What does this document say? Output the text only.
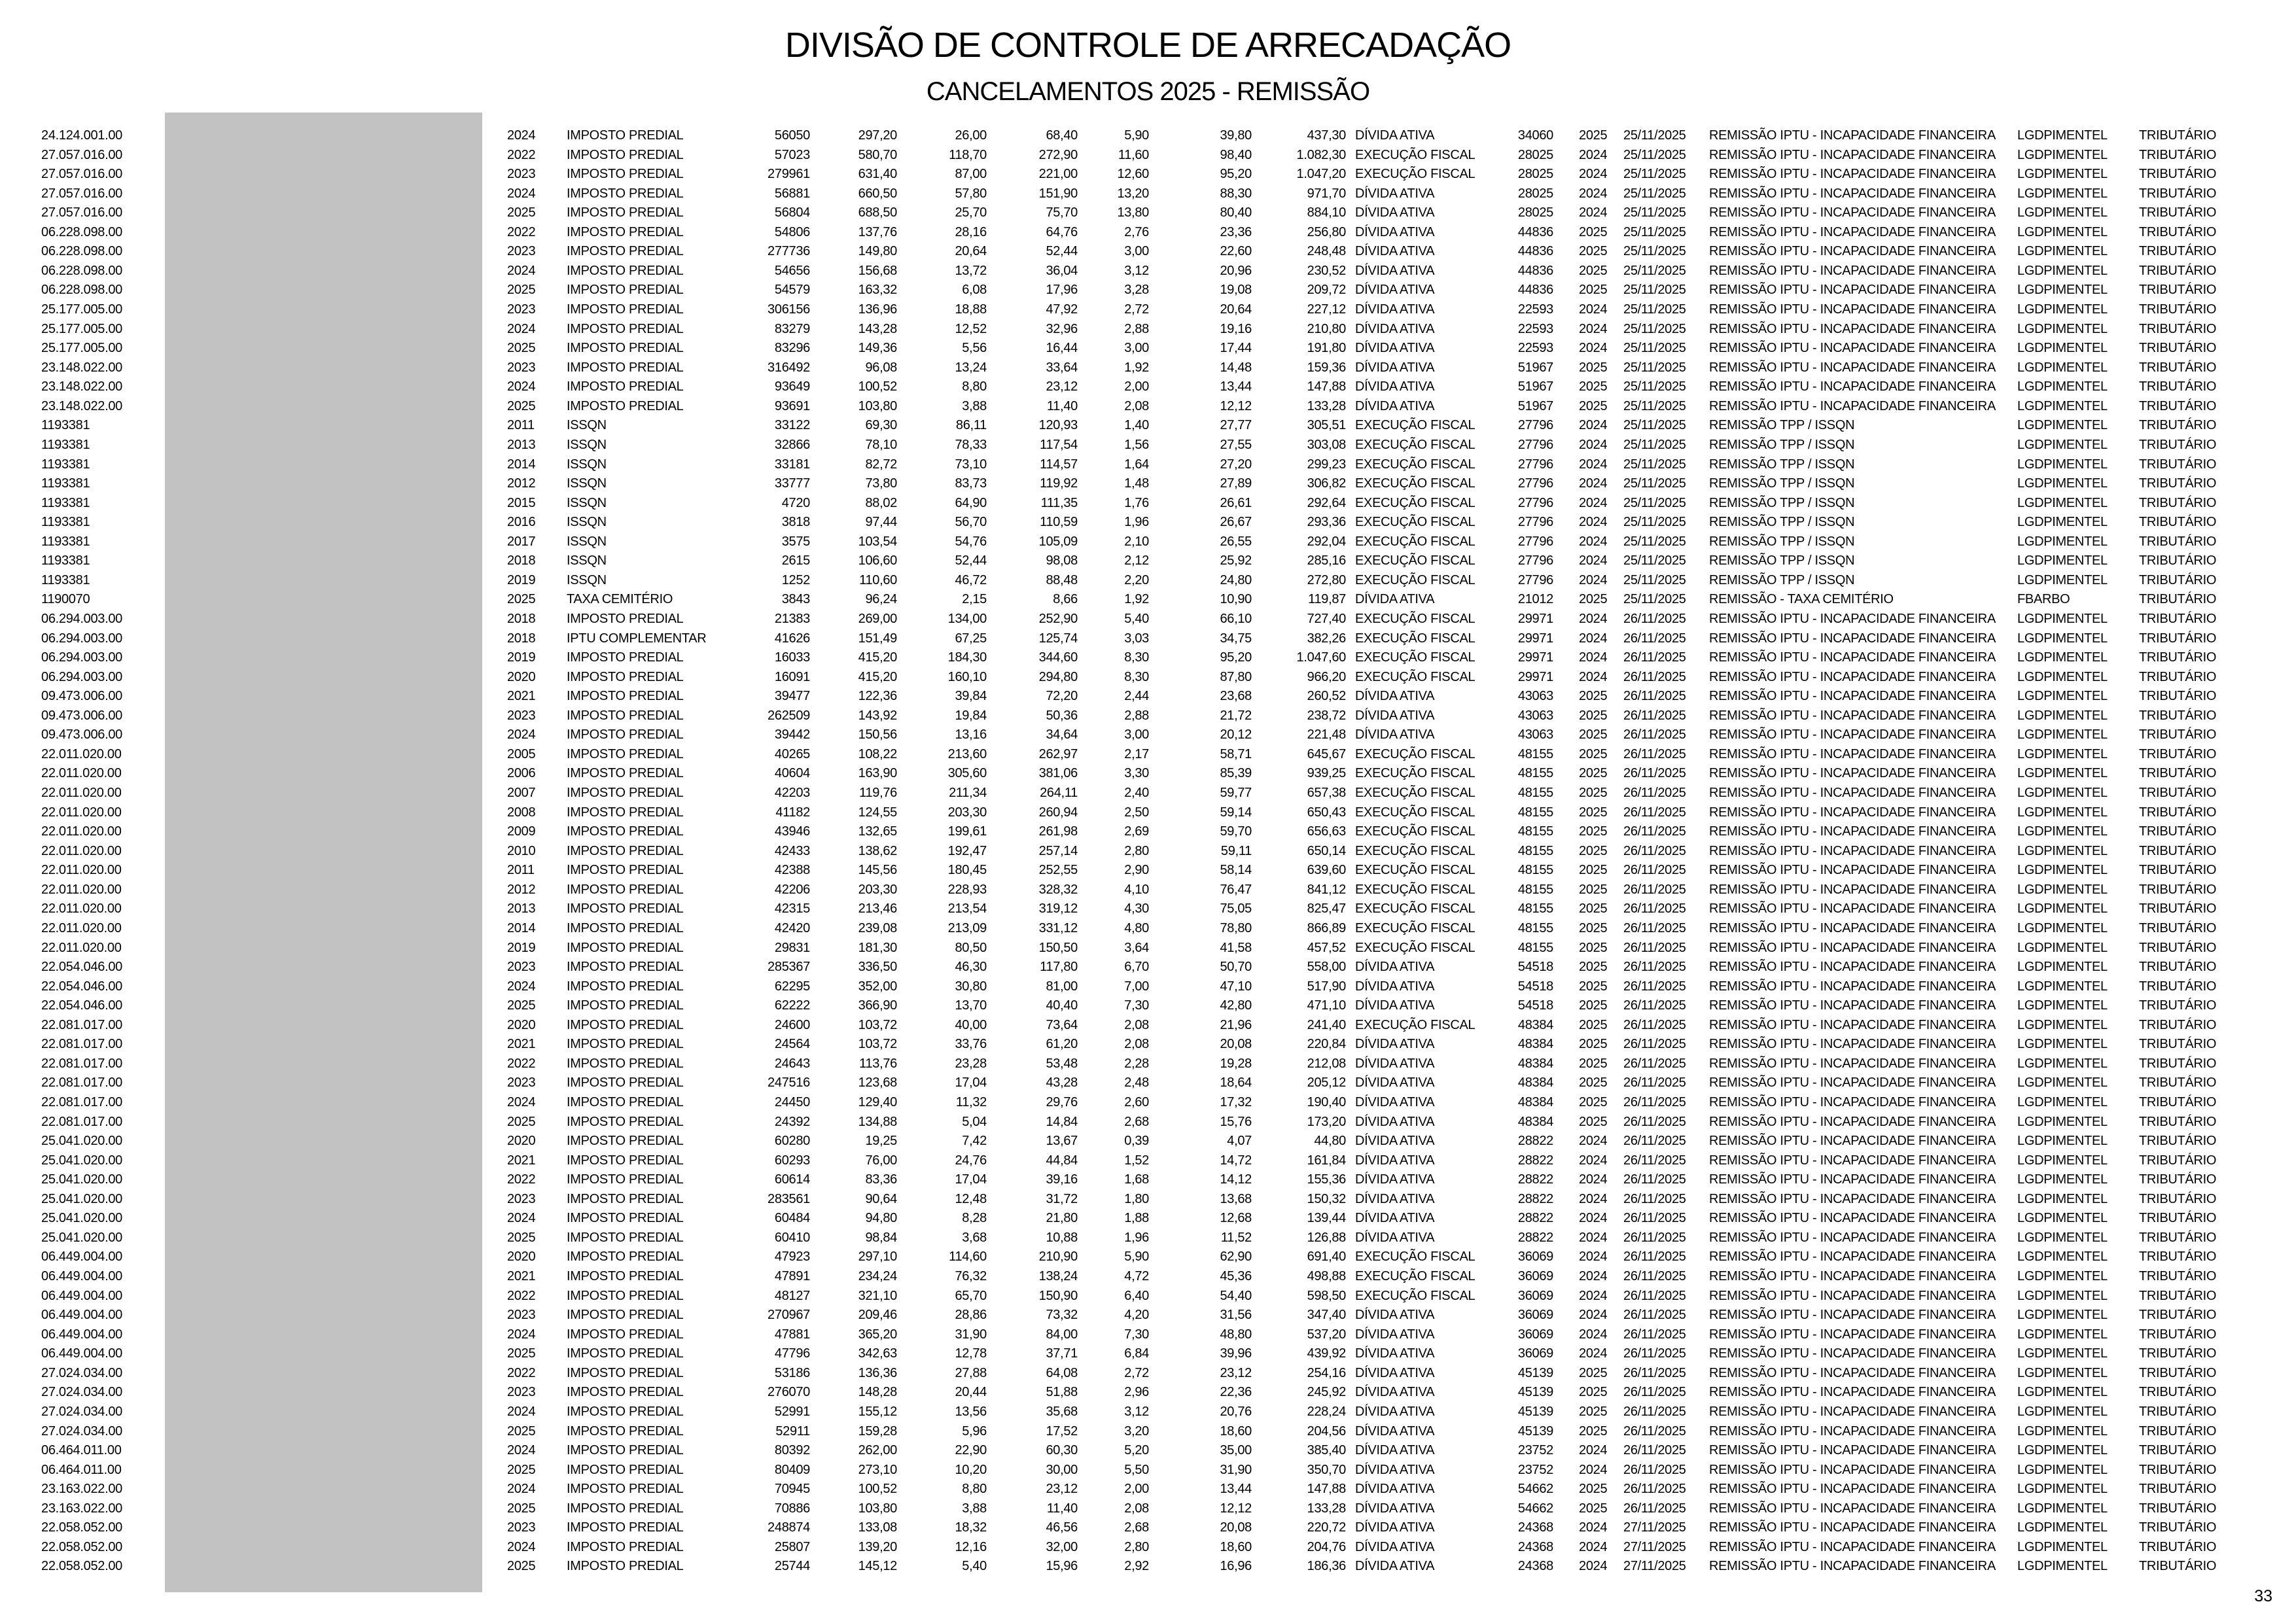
DIVISÃO DE CONTROLE DE ARRECADAÇÃO
CANCELAMENTOS 2025 - REMISSÃO
24.124.001.00	2024	IMPOSTO PREDIAL	56050	297,20	26,00	68,40	5,90	39,80	437,30 DÍVIDA ATIVA	34060 2025	25/11/2025	REMISSÃO IPTU - INCAPACIDADE FINANCEIRA	LGDPIMENTEL	TRIBUTÁRIO
27.057.016.00	2022	IMPOSTO PREDIAL	57023	580,70	118,70	272,90	11,60	98,40	1.082,30 EXECUÇÃO FISCAL	28025 2024	25/11/2025	REMISSÃO IPTU - INCAPACIDADE FINANCEIRA	LGDPIMENTEL	TRIBUTÁRIO
27.057.016.00	2023	IMPOSTO PREDIAL	279961	631,40	87,00	221,00	12,60	95,20	1.047,20 EXECUÇÃO FISCAL	28025 2024	25/11/2025	REMISSÃO IPTU - INCAPACIDADE FINANCEIRA	LGDPIMENTEL	TRIBUTÁRIO
27.057.016.00	2024	IMPOSTO PREDIAL	56881	660,50	57,80	151,90	13,20	88,30	971,70 DÍVIDA ATIVA	28025 2024	25/11/2025	REMISSÃO IPTU - INCAPACIDADE FINANCEIRA	LGDPIMENTEL	TRIBUTÁRIO
27.057.016.00	2025	IMPOSTO PREDIAL	56804	688,50	25,70	75,70	13,80	80,40	884,10 DÍVIDA ATIVA	28025 2024	25/11/2025	REMISSÃO IPTU - INCAPACIDADE FINANCEIRA	LGDPIMENTEL	TRIBUTÁRIO
06.228.098.00	2022	IMPOSTO PREDIAL	54806	137,76	28,16	64,76	2,76	23,36	256,80 DÍVIDA ATIVA	44836 2025	25/11/2025	REMISSÃO IPTU - INCAPACIDADE FINANCEIRA	LGDPIMENTEL	TRIBUTÁRIO
06.228.098.00	2023	IMPOSTO PREDIAL	277736	149,80	20,64	52,44	3,00	22,60	248,48 DÍVIDA ATIVA	44836 2025	25/11/2025	REMISSÃO IPTU - INCAPACIDADE FINANCEIRA	LGDPIMENTEL	TRIBUTÁRIO
06.228.098.00	2024	IMPOSTO PREDIAL	54656	156,68	13,72	36,04	3,12	20,96	230,52 DÍVIDA ATIVA	44836 2025	25/11/2025	REMISSÃO IPTU - INCAPACIDADE FINANCEIRA	LGDPIMENTEL	TRIBUTÁRIO
06.228.098.00	2025	IMPOSTO PREDIAL	54579	163,32	6,08	17,96	3,28	19,08	209,72 DÍVIDA ATIVA	44836 2025	25/11/2025	REMISSÃO IPTU - INCAPACIDADE FINANCEIRA	LGDPIMENTEL	TRIBUTÁRIO
25.177.005.00	2023	IMPOSTO PREDIAL	306156	136,96	18,88	47,92	2,72	20,64	227,12 DÍVIDA ATIVA	22593 2024	25/11/2025	REMISSÃO IPTU - INCAPACIDADE FINANCEIRA	LGDPIMENTEL	TRIBUTÁRIO
25.177.005.00	2024	IMPOSTO PREDIAL	83279	143,28	12,52	32,96	2,88	19,16	210,80 DÍVIDA ATIVA	22593 2024	25/11/2025	REMISSÃO IPTU - INCAPACIDADE FINANCEIRA	LGDPIMENTEL	TRIBUTÁRIO
25.177.005.00	2025	IMPOSTO PREDIAL	83296	149,36	5,56	16,44	3,00	17,44	191,80 DÍVIDA ATIVA	22593 2024	25/11/2025	REMISSÃO IPTU - INCAPACIDADE FINANCEIRA	LGDPIMENTEL	TRIBUTÁRIO
23.148.022.00	2023	IMPOSTO PREDIAL	316492	96,08	13,24	33,64	1,92	14,48	159,36 DÍVIDA ATIVA	51967 2025	25/11/2025	REMISSÃO IPTU - INCAPACIDADE FINANCEIRA	LGDPIMENTEL	TRIBUTÁRIO
23.148.022.00	2024	IMPOSTO PREDIAL	93649	100,52	8,80	23,12	2,00	13,44	147,88 DÍVIDA ATIVA	51967 2025	25/11/2025	REMISSÃO IPTU - INCAPACIDADE FINANCEIRA	LGDPIMENTEL	TRIBUTÁRIO
23.148.022.00	2025	IMPOSTO PREDIAL	93691	103,80	3,88	11,40	2,08	12,12	133,28 DÍVIDA ATIVA	51967 2025	25/11/2025	REMISSÃO IPTU - INCAPACIDADE FINANCEIRA	LGDPIMENTEL	TRIBUTÁRIO
1193381	2011	ISSQN	33122	69,30	86,11	120,93	1,40	27,77	305,51 EXECUÇÃO FISCAL	27796 2024	25/11/2025	REMISSÃO TPP / ISSQN	LGDPIMENTEL	TRIBUTÁRIO
1193381	2013	ISSQN	32866	78,10	78,33	117,54	1,56	27,55	303,08 EXECUÇÃO FISCAL	27796 2024	25/11/2025	REMISSÃO TPP / ISSQN	LGDPIMENTEL	TRIBUTÁRIO
1193381	2014	ISSQN	33181	82,72	73,10	114,57	1,64	27,20	299,23 EXECUÇÃO FISCAL	27796 2024	25/11/2025	REMISSÃO TPP / ISSQN	LGDPIMENTEL	TRIBUTÁRIO
1193381	2012	ISSQN	33777	73,80	83,73	119,92	1,48	27,89	306,82 EXECUÇÃO FISCAL	27796 2024	25/11/2025	REMISSÃO TPP / ISSQN	LGDPIMENTEL	TRIBUTÁRIO
1193381	2015	ISSQN	4720	88,02	64,90	111,35	1,76	26,61	292,64 EXECUÇÃO FISCAL	27796 2024	25/11/2025	REMISSÃO TPP / ISSQN	LGDPIMENTEL	TRIBUTÁRIO
1193381	2016	ISSQN	3818	97,44	56,70	110,59	1,96	26,67	293,36 EXECUÇÃO FISCAL	27796 2024	25/11/2025	REMISSÃO TPP / ISSQN	LGDPIMENTEL	TRIBUTÁRIO
1193381	2017	ISSQN	3575	103,54	54,76	105,09	2,10	26,55	292,04 EXECUÇÃO FISCAL	27796 2024	25/11/2025	REMISSÃO TPP / ISSQN	LGDPIMENTEL	TRIBUTÁRIO
1193381	2018	ISSQN	2615	106,60	52,44	98,08	2,12	25,92	285,16 EXECUÇÃO FISCAL	27796 2024	25/11/2025	REMISSÃO TPP / ISSQN	LGDPIMENTEL	TRIBUTÁRIO
1193381	2019	ISSQN	1252	110,60	46,72	88,48	2,20	24,80	272,80 EXECUÇÃO FISCAL	27796 2024	25/11/2025	REMISSÃO TPP / ISSQN	LGDPIMENTEL	TRIBUTÁRIO
1190070	2025	TAXA CEMITÉRIO	3843	96,24	2,15	8,66	1,92	10,90	119,87 DÍVIDA ATIVA	21012 2025	25/11/2025	REMISSÃO - TAXA CEMITÉRIO	FBARBO	TRIBUTÁRIO
06.294.003.00	2018	IMPOSTO PREDIAL	21383	269,00	134,00	252,90	5,40	66,10	727,40 EXECUÇÃO FISCAL	29971 2024	26/11/2025	REMISSÃO IPTU - INCAPACIDADE FINANCEIRA	LGDPIMENTEL	TRIBUTÁRIO
06.294.003.00	2018	IPTU COMPLEMENTAR	41626	151,49	67,25	125,74	3,03	34,75	382,26 EXECUÇÃO FISCAL	29971 2024	26/11/2025	REMISSÃO IPTU - INCAPACIDADE FINANCEIRA	LGDPIMENTEL	TRIBUTÁRIO
06.294.003.00	2019	IMPOSTO PREDIAL	16033	415,20	184,30	344,60	8,30	95,20	1.047,60 EXECUÇÃO FISCAL	29971 2024	26/11/2025	REMISSÃO IPTU - INCAPACIDADE FINANCEIRA	LGDPIMENTEL	TRIBUTÁRIO
06.294.003.00	2020	IMPOSTO PREDIAL	16091	415,20	160,10	294,80	8,30	87,80	966,20 EXECUÇÃO FISCAL	29971 2024	26/11/2025	REMISSÃO IPTU - INCAPACIDADE FINANCEIRA	LGDPIMENTEL	TRIBUTÁRIO
09.473.006.00	2021	IMPOSTO PREDIAL	39477	122,36	39,84	72,20	2,44	23,68	260,52 DÍVIDA ATIVA	43063 2025	26/11/2025	REMISSÃO IPTU - INCAPACIDADE FINANCEIRA	LGDPIMENTEL	TRIBUTÁRIO
09.473.006.00	2023	IMPOSTO PREDIAL	262509	143,92	19,84	50,36	2,88	21,72	238,72 DÍVIDA ATIVA	43063 2025	26/11/2025	REMISSÃO IPTU - INCAPACIDADE FINANCEIRA	LGDPIMENTEL	TRIBUTÁRIO
09.473.006.00	2024	IMPOSTO PREDIAL	39442	150,56	13,16	34,64	3,00	20,12	221,48 DÍVIDA ATIVA	43063 2025	26/11/2025	REMISSÃO IPTU - INCAPACIDADE FINANCEIRA	LGDPIMENTEL	TRIBUTÁRIO
22.011.020.00	2005	IMPOSTO PREDIAL	40265	108,22	213,60	262,97	2,17	58,71	645,67 EXECUÇÃO FISCAL	48155 2025	26/11/2025	REMISSÃO IPTU - INCAPACIDADE FINANCEIRA	LGDPIMENTEL	TRIBUTÁRIO
22.011.020.00	2006	IMPOSTO PREDIAL	40604	163,90	305,60	381,06	3,30	85,39	939,25 EXECUÇÃO FISCAL	48155 2025	26/11/2025	REMISSÃO IPTU - INCAPACIDADE FINANCEIRA	LGDPIMENTEL	TRIBUTÁRIO
22.011.020.00	2007	IMPOSTO PREDIAL	42203	119,76	211,34	264,11	2,40	59,77	657,38 EXECUÇÃO FISCAL	48155 2025	26/11/2025	REMISSÃO IPTU - INCAPACIDADE FINANCEIRA	LGDPIMENTEL	TRIBUTÁRIO
22.011.020.00	2008	IMPOSTO PREDIAL	41182	124,55	203,30	260,94	2,50	59,14	650,43 EXECUÇÃO FISCAL	48155 2025	26/11/2025	REMISSÃO IPTU - INCAPACIDADE FINANCEIRA	LGDPIMENTEL	TRIBUTÁRIO
22.011.020.00	2009	IMPOSTO PREDIAL	43946	132,65	199,61	261,98	2,69	59,70	656,63 EXECUÇÃO FISCAL	48155 2025	26/11/2025	REMISSÃO IPTU - INCAPACIDADE FINANCEIRA	LGDPIMENTEL	TRIBUTÁRIO
22.011.020.00	2010	IMPOSTO PREDIAL	42433	138,62	192,47	257,14	2,80	59,11	650,14 EXECUÇÃO FISCAL	48155 2025	26/11/2025	REMISSÃO IPTU - INCAPACIDADE FINANCEIRA	LGDPIMENTEL	TRIBUTÁRIO
22.011.020.00	2011	IMPOSTO PREDIAL	42388	145,56	180,45	252,55	2,90	58,14	639,60 EXECUÇÃO FISCAL	48155 2025	26/11/2025	REMISSÃO IPTU - INCAPACIDADE FINANCEIRA	LGDPIMENTEL	TRIBUTÁRIO
22.011.020.00	2012	IMPOSTO PREDIAL	42206	203,30	228,93	328,32	4,10	76,47	841,12 EXECUÇÃO FISCAL	48155 2025	26/11/2025	REMISSÃO IPTU - INCAPACIDADE FINANCEIRA	LGDPIMENTEL	TRIBUTÁRIO
22.011.020.00	2013	IMPOSTO PREDIAL	42315	213,46	213,54	319,12	4,30	75,05	825,47 EXECUÇÃO FISCAL	48155 2025	26/11/2025	REMISSÃO IPTU - INCAPACIDADE FINANCEIRA	LGDPIMENTEL	TRIBUTÁRIO
22.011.020.00	2014	IMPOSTO PREDIAL	42420	239,08	213,09	331,12	4,80	78,80	866,89 EXECUÇÃO FISCAL	48155 2025	26/11/2025	REMISSÃO IPTU - INCAPACIDADE FINANCEIRA	LGDPIMENTEL	TRIBUTÁRIO
22.011.020.00	2019	IMPOSTO PREDIAL	29831	181,30	80,50	150,50	3,64	41,58	457,52 EXECUÇÃO FISCAL	48155 2025	26/11/2025	REMISSÃO IPTU - INCAPACIDADE FINANCEIRA	LGDPIMENTEL	TRIBUTÁRIO
22.054.046.00	2023	IMPOSTO PREDIAL	285367	336,50	46,30	117,80	6,70	50,70	558,00 DÍVIDA ATIVA	54518 2025	26/11/2025	REMISSÃO IPTU - INCAPACIDADE FINANCEIRA	LGDPIMENTEL	TRIBUTÁRIO
22.054.046.00	2024	IMPOSTO PREDIAL	62295	352,00	30,80	81,00	7,00	47,10	517,90 DÍVIDA ATIVA	54518 2025	26/11/2025	REMISSÃO IPTU - INCAPACIDADE FINANCEIRA	LGDPIMENTEL	TRIBUTÁRIO
22.054.046.00	2025	IMPOSTO PREDIAL	62222	366,90	13,70	40,40	7,30	42,80	471,10 DÍVIDA ATIVA	54518 2025	26/11/2025	REMISSÃO IPTU - INCAPACIDADE FINANCEIRA	LGDPIMENTEL	TRIBUTÁRIO
22.081.017.00	2020	IMPOSTO PREDIAL	24600	103,72	40,00	73,64	2,08	21,96	241,40 EXECUÇÃO FISCAL	48384 2025	26/11/2025	REMISSÃO IPTU - INCAPACIDADE FINANCEIRA	LGDPIMENTEL	TRIBUTÁRIO
22.081.017.00	2021	IMPOSTO PREDIAL	24564	103,72	33,76	61,20	2,08	20,08	220,84 DÍVIDA ATIVA	48384 2025	26/11/2025	REMISSÃO IPTU - INCAPACIDADE FINANCEIRA	LGDPIMENTEL	TRIBUTÁRIO
22.081.017.00	2022	IMPOSTO PREDIAL	24643	113,76	23,28	53,48	2,28	19,28	212,08 DÍVIDA ATIVA	48384 2025	26/11/2025	REMISSÃO IPTU - INCAPACIDADE FINANCEIRA	LGDPIMENTEL	TRIBUTÁRIO
22.081.017.00	2023	IMPOSTO PREDIAL	247516	123,68	17,04	43,28	2,48	18,64	205,12 DÍVIDA ATIVA	48384 2025	26/11/2025	REMISSÃO IPTU - INCAPACIDADE FINANCEIRA	LGDPIMENTEL	TRIBUTÁRIO
22.081.017.00	2024	IMPOSTO PREDIAL	24450	129,40	11,32	29,76	2,60	17,32	190,40 DÍVIDA ATIVA	48384 2025	26/11/2025	REMISSÃO IPTU - INCAPACIDADE FINANCEIRA	LGDPIMENTEL	TRIBUTÁRIO
22.081.017.00	2025	IMPOSTO PREDIAL	24392	134,88	5,04	14,84	2,68	15,76	173,20 DÍVIDA ATIVA	48384 2025	26/11/2025	REMISSÃO IPTU - INCAPACIDADE FINANCEIRA	LGDPIMENTEL	TRIBUTÁRIO
25.041.020.00	2020	IMPOSTO PREDIAL	60280	19,25	7,42	13,67	0,39	4,07	44,80 DÍVIDA ATIVA	28822 2024	26/11/2025	REMISSÃO IPTU - INCAPACIDADE FINANCEIRA	LGDPIMENTEL	TRIBUTÁRIO
25.041.020.00	2021	IMPOSTO PREDIAL	60293	76,00	24,76	44,84	1,52	14,72	161,84 DÍVIDA ATIVA	28822 2024	26/11/2025	REMISSÃO IPTU - INCAPACIDADE FINANCEIRA	LGDPIMENTEL	TRIBUTÁRIO
25.041.020.00	2022	IMPOSTO PREDIAL	60614	83,36	17,04	39,16	1,68	14,12	155,36 DÍVIDA ATIVA	28822 2024	26/11/2025	REMISSÃO IPTU - INCAPACIDADE FINANCEIRA	LGDPIMENTEL	TRIBUTÁRIO
25.041.020.00	2023	IMPOSTO PREDIAL	283561	90,64	12,48	31,72	1,80	13,68	150,32 DÍVIDA ATIVA	28822 2024	26/11/2025	REMISSÃO IPTU - INCAPACIDADE FINANCEIRA	LGDPIMENTEL	TRIBUTÁRIO
25.041.020.00	2024	IMPOSTO PREDIAL	60484	94,80	8,28	21,80	1,88	12,68	139,44 DÍVIDA ATIVA	28822 2024	26/11/2025	REMISSÃO IPTU - INCAPACIDADE FINANCEIRA	LGDPIMENTEL	TRIBUTÁRIO
25.041.020.00	2025	IMPOSTO PREDIAL	60410	98,84	3,68	10,88	1,96	11,52	126,88 DÍVIDA ATIVA	28822 2024	26/11/2025	REMISSÃO IPTU - INCAPACIDADE FINANCEIRA	LGDPIMENTEL	TRIBUTÁRIO
06.449.004.00	2020	IMPOSTO PREDIAL	47923	297,10	114,60	210,90	5,90	62,90	691,40 EXECUÇÃO FISCAL	36069 2024	26/11/2025	REMISSÃO IPTU - INCAPACIDADE FINANCEIRA	LGDPIMENTEL	TRIBUTÁRIO
06.449.004.00	2021	IMPOSTO PREDIAL	47891	234,24	76,32	138,24	4,72	45,36	498,88 EXECUÇÃO FISCAL	36069 2024	26/11/2025	REMISSÃO IPTU - INCAPACIDADE FINANCEIRA	LGDPIMENTEL	TRIBUTÁRIO
06.449.004.00	2022	IMPOSTO PREDIAL	48127	321,10	65,70	150,90	6,40	54,40	598,50 EXECUÇÃO FISCAL	36069 2024	26/11/2025	REMISSÃO IPTU - INCAPACIDADE FINANCEIRA	LGDPIMENTEL	TRIBUTÁRIO
06.449.004.00	2023	IMPOSTO PREDIAL	270967	209,46	28,86	73,32	4,20	31,56	347,40 DÍVIDA ATIVA	36069 2024	26/11/2025	REMISSÃO IPTU - INCAPACIDADE FINANCEIRA	LGDPIMENTEL	TRIBUTÁRIO
06.449.004.00	2024	IMPOSTO PREDIAL	47881	365,20	31,90	84,00	7,30	48,80	537,20 DÍVIDA ATIVA	36069 2024	26/11/2025	REMISSÃO IPTU - INCAPACIDADE FINANCEIRA	LGDPIMENTEL	TRIBUTÁRIO
06.449.004.00	2025	IMPOSTO PREDIAL	47796	342,63	12,78	37,71	6,84	39,96	439,92 DÍVIDA ATIVA	36069 2024	26/11/2025	REMISSÃO IPTU - INCAPACIDADE FINANCEIRA	LGDPIMENTEL	TRIBUTÁRIO
27.024.034.00	2022	IMPOSTO PREDIAL	53186	136,36	27,88	64,08	2,72	23,12	254,16 DÍVIDA ATIVA	45139 2025	26/11/2025	REMISSÃO IPTU - INCAPACIDADE FINANCEIRA	LGDPIMENTEL	TRIBUTÁRIO
27.024.034.00	2023	IMPOSTO PREDIAL	276070	148,28	20,44	51,88	2,96	22,36	245,92 DÍVIDA ATIVA	45139 2025	26/11/2025	REMISSÃO IPTU - INCAPACIDADE FINANCEIRA	LGDPIMENTEL	TRIBUTÁRIO
27.024.034.00	2024	IMPOSTO PREDIAL	52991	155,12	13,56	35,68	3,12	20,76	228,24 DÍVIDA ATIVA	45139 2025	26/11/2025	REMISSÃO IPTU - INCAPACIDADE FINANCEIRA	LGDPIMENTEL	TRIBUTÁRIO
27.024.034.00	2025	IMPOSTO PREDIAL	52911	159,28	5,96	17,52	3,20	18,60	204,56 DÍVIDA ATIVA	45139 2025	26/11/2025	REMISSÃO IPTU - INCAPACIDADE FINANCEIRA	LGDPIMENTEL	TRIBUTÁRIO
06.464.011.00	2024	IMPOSTO PREDIAL	80392	262,00	22,90	60,30	5,20	35,00	385,40 DÍVIDA ATIVA	23752 2024	26/11/2025	REMISSÃO IPTU - INCAPACIDADE FINANCEIRA	LGDPIMENTEL	TRIBUTÁRIO
06.464.011.00	2025	IMPOSTO PREDIAL	80409	273,10	10,20	30,00	5,50	31,90	350,70 DÍVIDA ATIVA	23752 2024	26/11/2025	REMISSÃO IPTU - INCAPACIDADE FINANCEIRA	LGDPIMENTEL	TRIBUTÁRIO
23.163.022.00	2024	IMPOSTO PREDIAL	70945	100,52	8,80	23,12	2,00	13,44	147,88 DÍVIDA ATIVA	54662 2025	26/11/2025	REMISSÃO IPTU - INCAPACIDADE FINANCEIRA	LGDPIMENTEL	TRIBUTÁRIO
23.163.022.00	2025	IMPOSTO PREDIAL	70886	103,80	3,88	11,40	2,08	12,12	133,28 DÍVIDA ATIVA	54662 2025	26/11/2025	REMISSÃO IPTU - INCAPACIDADE FINANCEIRA	LGDPIMENTEL	TRIBUTÁRIO
22.058.052.00	2023	IMPOSTO PREDIAL	248874	133,08	18,32	46,56	2,68	20,08	220,72 DÍVIDA ATIVA	24368 2024	27/11/2025	REMISSÃO IPTU - INCAPACIDADE FINANCEIRA	LGDPIMENTEL	TRIBUTÁRIO
22.058.052.00	2024	IMPOSTO PREDIAL	25807	139,20	12,16	32,00	2,80	18,60	204,76 DÍVIDA ATIVA	24368 2024	27/11/2025	REMISSÃO IPTU - INCAPACIDADE FINANCEIRA	LGDPIMENTEL	TRIBUTÁRIO
22.058.052.00	2025	IMPOSTO PREDIAL	25744	145,12	5,40	15,96	2,92	16,96	186,36 DÍVIDA ATIVA	24368 2024	27/11/2025	REMISSÃO IPTU - INCAPACIDADE FINANCEIRA	LGDPIMENTEL	TRIBUTÁRIO
33
